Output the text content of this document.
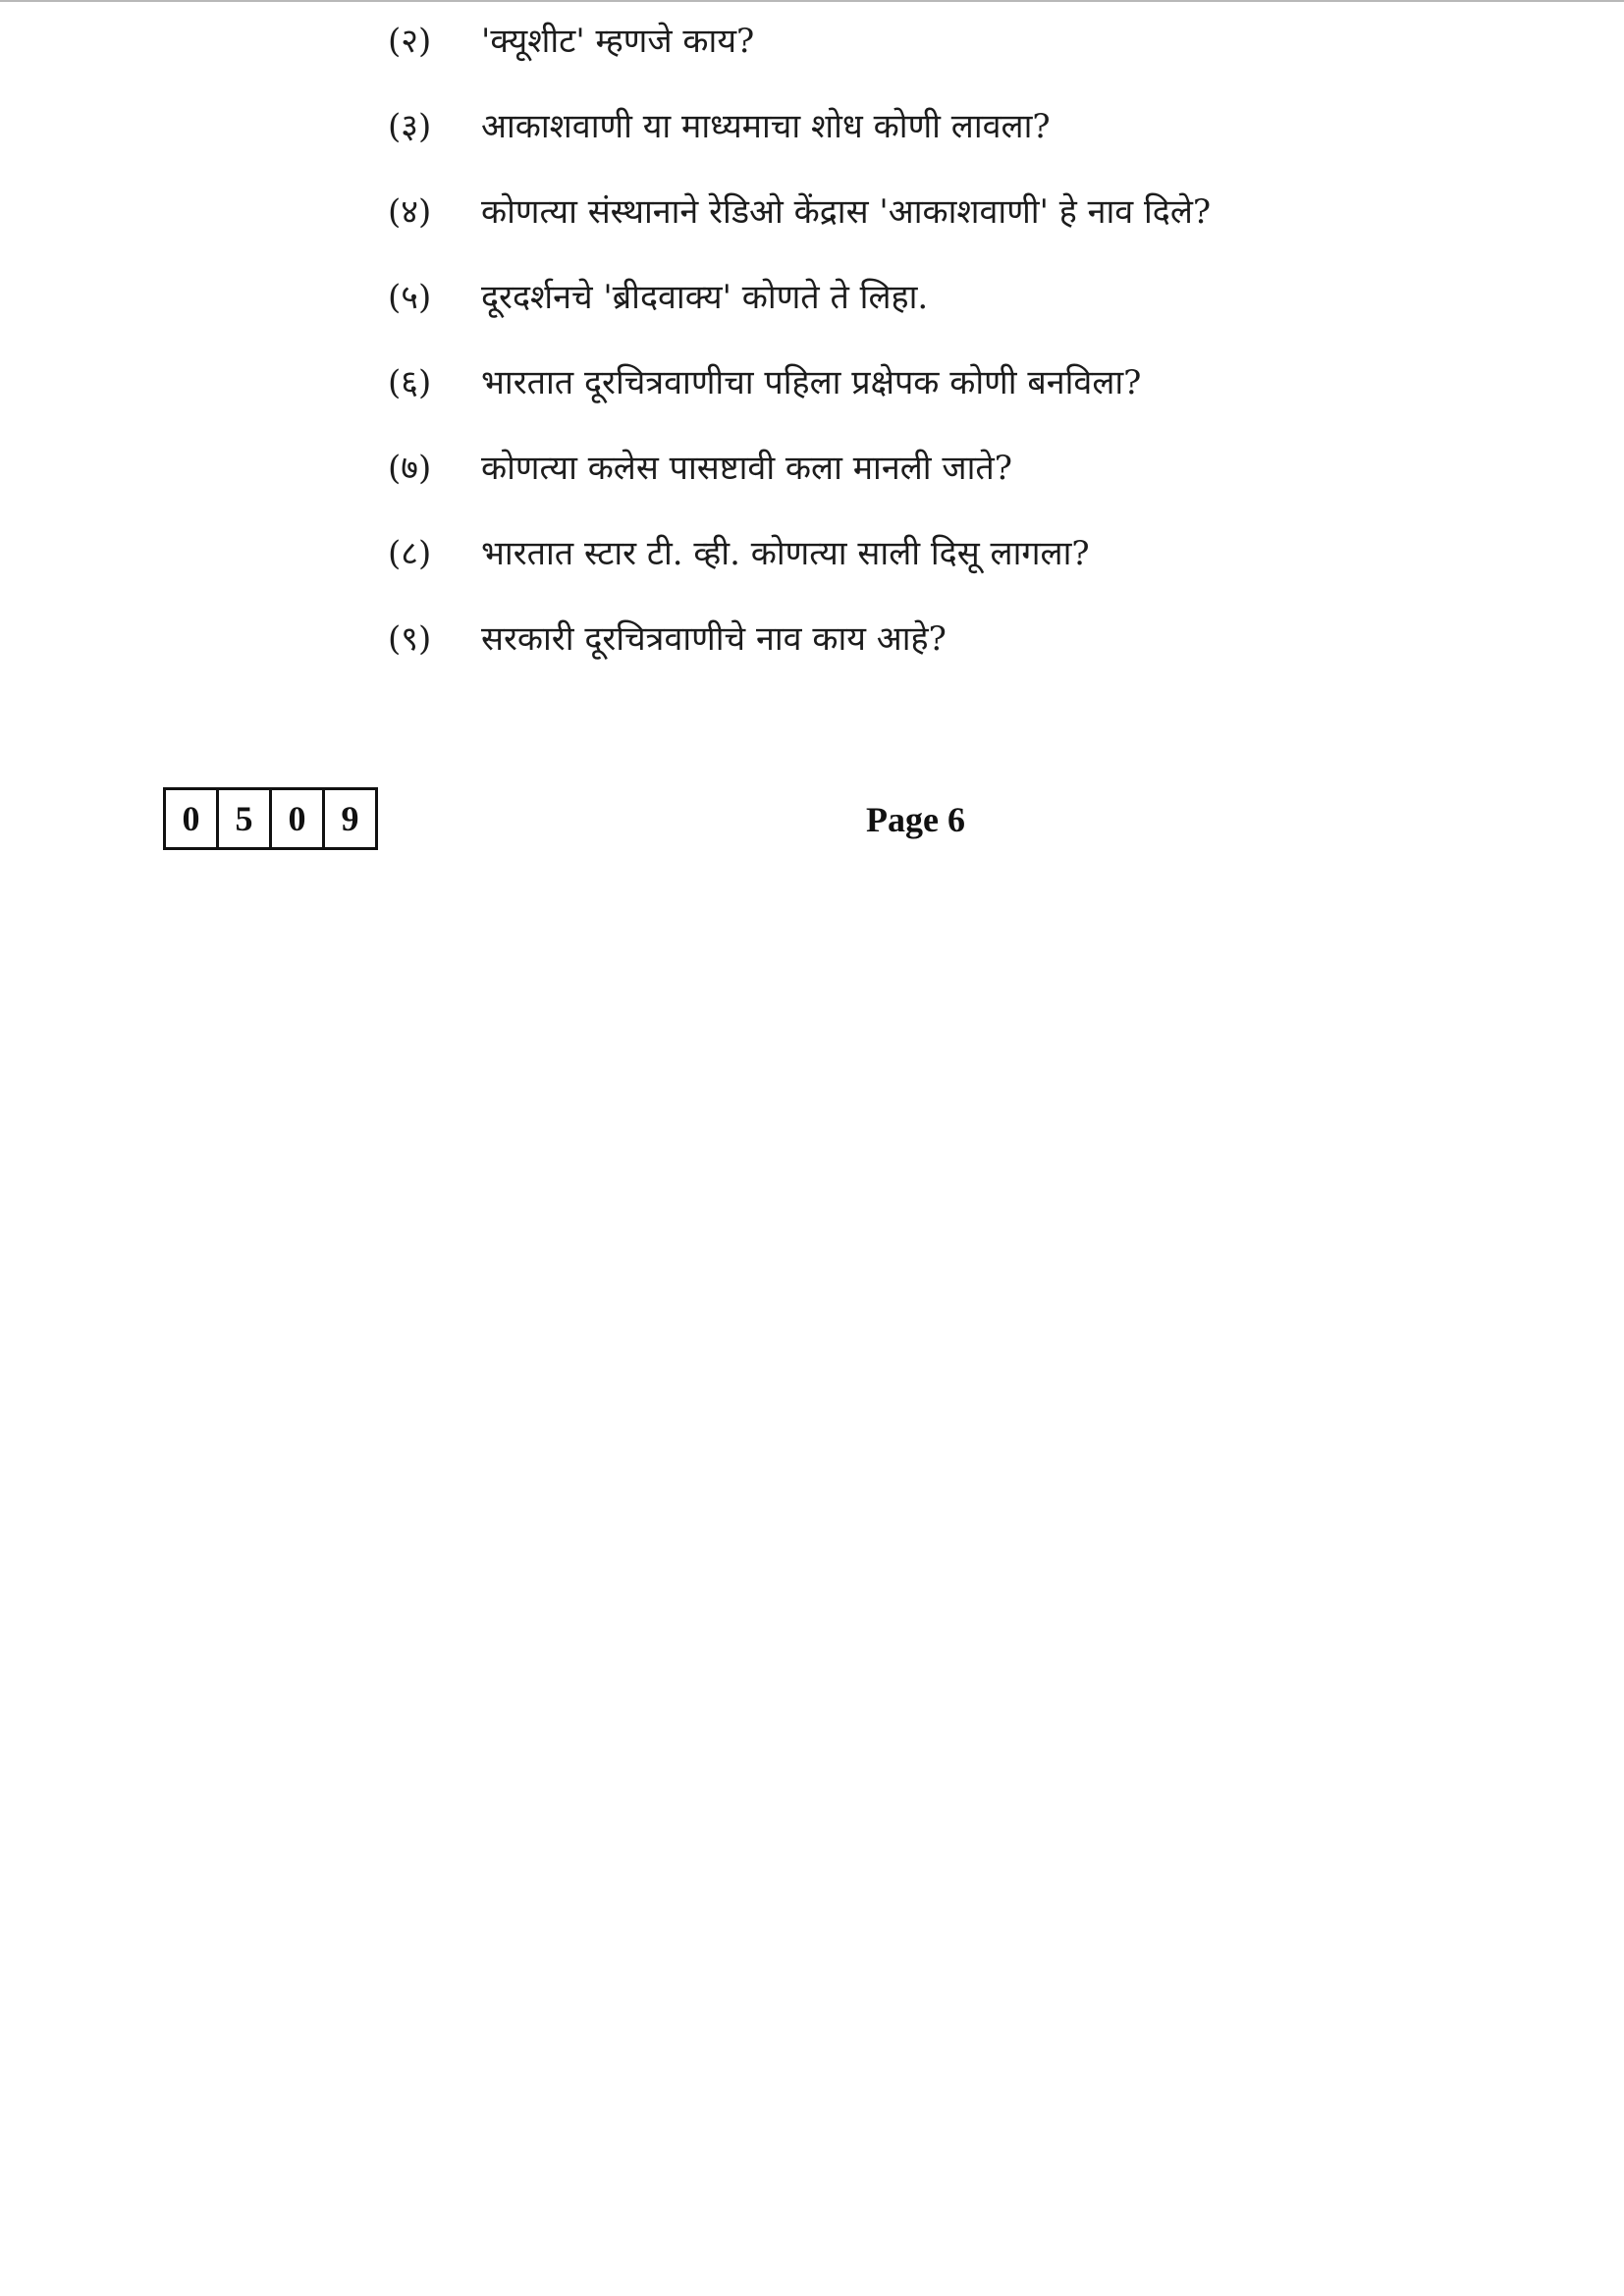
(२)	'क्यूशीट' म्हणजे काय?
(३)	आकाशवाणी या माध्यमाचा शोध कोणी लावला?
(४)	कोणत्या संस्थानाने रेडिओ केंद्रास 'आकाशवाणी' हे नाव दिले?
(५)	दूरदर्शनचे 'ब्रीदवाक्य' कोणते ते लिहा.
(६)	भारतात दूरचित्रवाणीचा पहिला प्रक्षेपक कोणी बनविला?
(७)	कोणत्या कलेस पासष्टावी कला मानली जाते?
(८)	भारतात स्टार टी. व्ही. कोणत्या साली दिसू लागला?
(९)	सरकारी दूरचित्रवाणीचे नाव काय आहे?
0	5	0	9	Page 6
